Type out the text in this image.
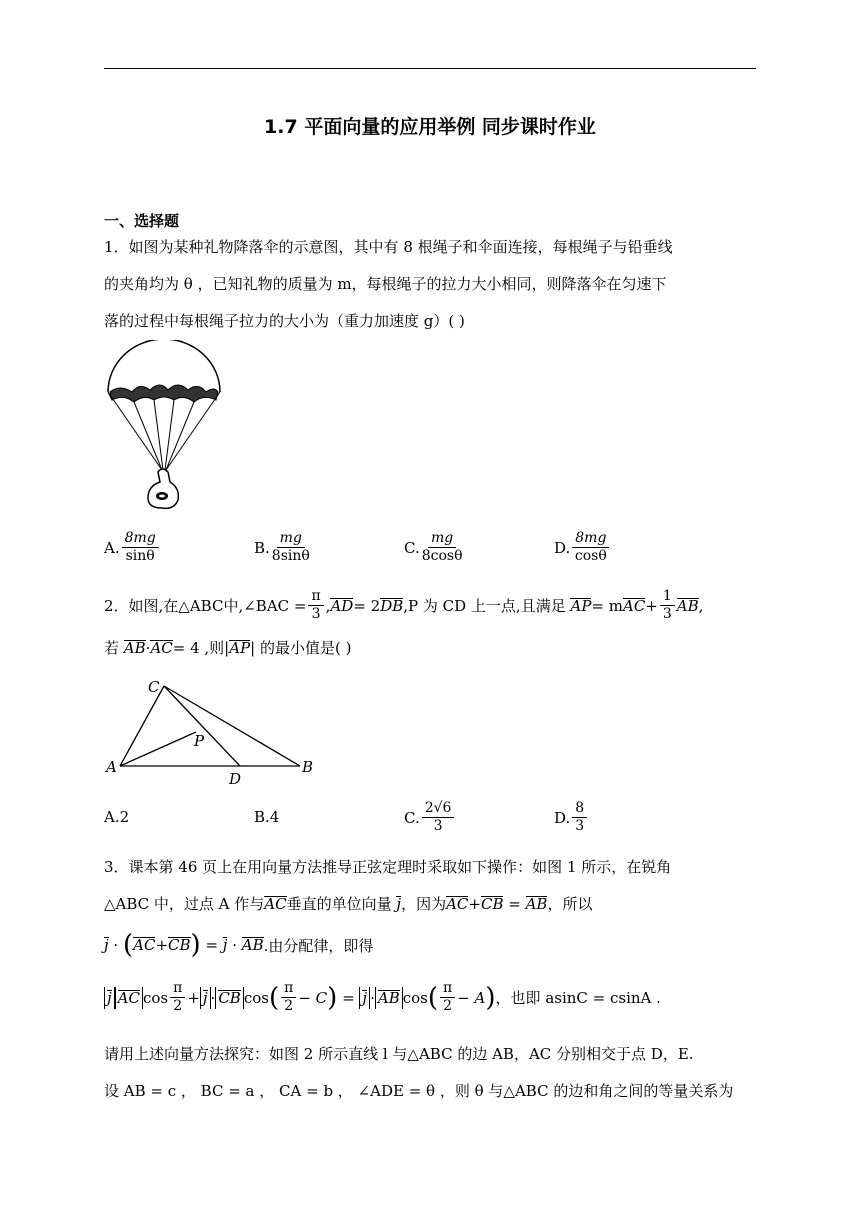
1.7 平面向量的应用举例 同步课时作业
一、选择题
1．如图为某种礼物降落伞的示意图，其中有 8 根绳子和伞面连接，每根绳子与铅垂线
的夹角均为 θ ，已知礼物的质量为 m，每根绳子的拉力大小相同，则降落伞在匀速下
落的过程中每根绳子拉力的大小为（重力加速度 g）( )
A. $\frac{8mg}{\sin\theta}$	B. $\frac{mg}{8\sin\theta}$	C. $\frac{mg}{8\cos\theta}$	D. $\frac{8mg}{\cos\theta}$
2．如图,在△ABC中,∠BAC = $\frac{\pi}{3}$ , AD = 2 DB ,P 为 CD 上一点,且满足
AP = m AC + $\frac{1}{3}$ AB ,
若
AB · AC = 4 ,则| AP | 的最小值是( )
C
P
A
D
B
A.2	B.4	C. $\frac{2√6}{3}$	D. $\frac{8}{3}$
3．课本第 46 页上在用向量方法推导正弦定理时采取如下操作：如图 1 所示，在锐角
△ABC 中，过点 A 作与 AC 垂直的单位向量
j ，因为 AC + CB = AB ，所以
j · ( AC + CB ) = j · AB .由分配律，即得
j AC $\cos \frac{\pi}{2} + j$ · CB cos ( $\frac{\pi}{2} - C$ ) = j · AB cos ( $\frac{\pi}{2} - A$ ) ，也即 asinC = csinA .
请用上述向量方法探究：如图 2 所示直线 l 与△ABC 的边 AB，AC 分别相交于点 D，E.
设 AB = c ， BC = a ， CA = b ， ∠ADE = θ ，则 θ 与△ABC 的边和角之间的等量关系为
